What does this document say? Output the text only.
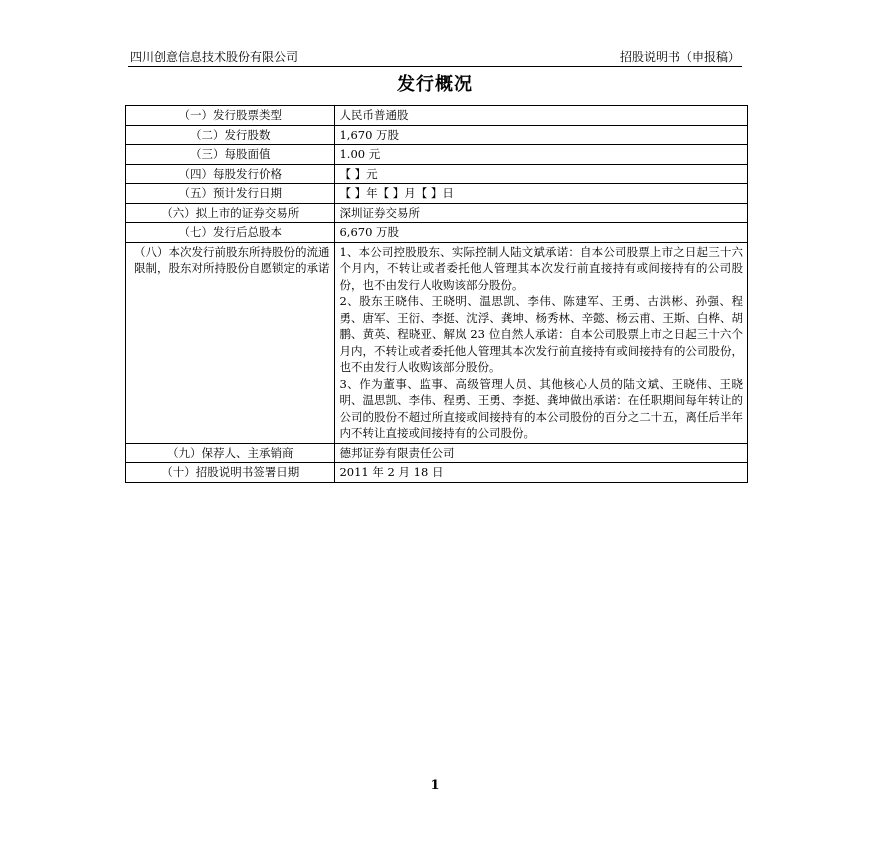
四川创意信息技术股份有限公司	招股说明书（申报稿）
发行概况
（一）发行股票类型	人民币普通股
（二）发行股数	1,670 万股
（三）每股面值	1.00 元
（四）每股发行价格	【 】元
（五）预计发行日期	【 】年【 】月【 】日
（六）拟上市的证券交易所	深圳证券交易所
（七）发行后总股本	6,670 万股
（八）本次发行前股东所持股份的流通限制，股东对所持股份自愿锁定的承诺	1、本公司控股股东、实际控制人陆文斌承诺：自本公司股票上市之日起三十六个月内，不转让或者委托他人管理其本次发行前直接持有或间接持有的公司股份，也不由发行人收购该部分股份。
2、股东王晓伟、王晓明、温思凯、李伟、陈建军、王勇、古洪彬、孙强、程勇、唐军、王衍、李挺、沈浮、龚坤、杨秀林、辛懿、杨云甫、王斯、白桦、胡鹏、黄英、程晓亚、解岚 23 位自然人承诺：自本公司股票上市之日起三十六个月内，不转让或者委托他人管理其本次发行前直接持有或间接持有的公司股份，也不由发行人收购该部分股份。
3、作为董事、监事、高级管理人员、其他核心人员的陆文斌、王晓伟、王晓明、温思凯、李伟、程勇、王勇、李挺、龚坤做出承诺：在任职期间每年转让的公司的股份不超过所直接或间接持有的本公司股份的百分之二十五，离任后半年内不转让直接或间接持有的公司股份。

（九）保荐人、主承销商	德邦证券有限责任公司
（十）招股说明书签署日期	2011 年 2 月 18 日
1
